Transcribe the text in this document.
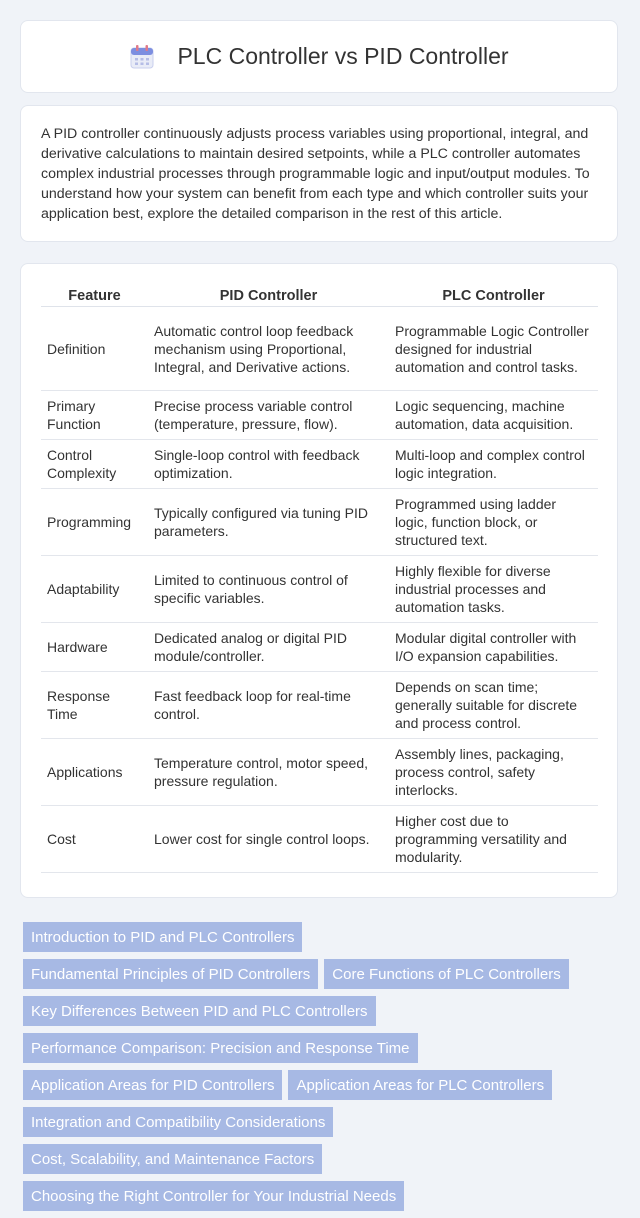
PLC Controller vs PID Controller

A PID controller continuously adjusts process variables using proportional, integral, and derivative calculations to maintain desired setpoints, while a PLC controller automates complex industrial processes through programmable logic and input/output modules. To understand how your system can benefit from each type and which controller suits your application best, explore the detailed comparison in the rest of this article.

Feature	PID Controller	PLC Controller
Definition	Automatic control loop feedback mechanism using Proportional, Integral, and Derivative actions.	Programmable Logic Controller designed for industrial automation and control tasks.
Primary Function	Precise process variable control (temperature, pressure, flow).	Logic sequencing, machine automation, data acquisition.
Control Complexity	Single-loop control with feedback optimization.	Multi-loop and complex control logic integration.
Programming	Typically configured via tuning PID parameters.	Programmed using ladder logic, function block, or structured text.
Adaptability	Limited to continuous control of specific variables.	Highly flexible for diverse industrial processes and automation tasks.
Hardware	Dedicated analog or digital PID module/controller.	Modular digital controller with I/O expansion capabilities.
Response Time	Fast feedback loop for real-time control.	Depends on scan time; generally suitable for discrete and process control.
Applications	Temperature control, motor speed, pressure regulation.	Assembly lines, packaging, process control, safety interlocks.
Cost	Lower cost for single control loops.	Higher cost due to programming versatility and modularity.
Introduction to PID and PLC Controllers
Fundamental Principles of PID Controllers Core Functions of PLC Controllers
Key Differences Between PID and PLC Controllers
Performance Comparison: Precision and Response Time
Application Areas for PID Controllers Application Areas for PLC Controllers
Integration and Compatibility Considerations
Cost, Scalability, and Maintenance Factors
Choosing the Right Controller for Your Industrial Needs
